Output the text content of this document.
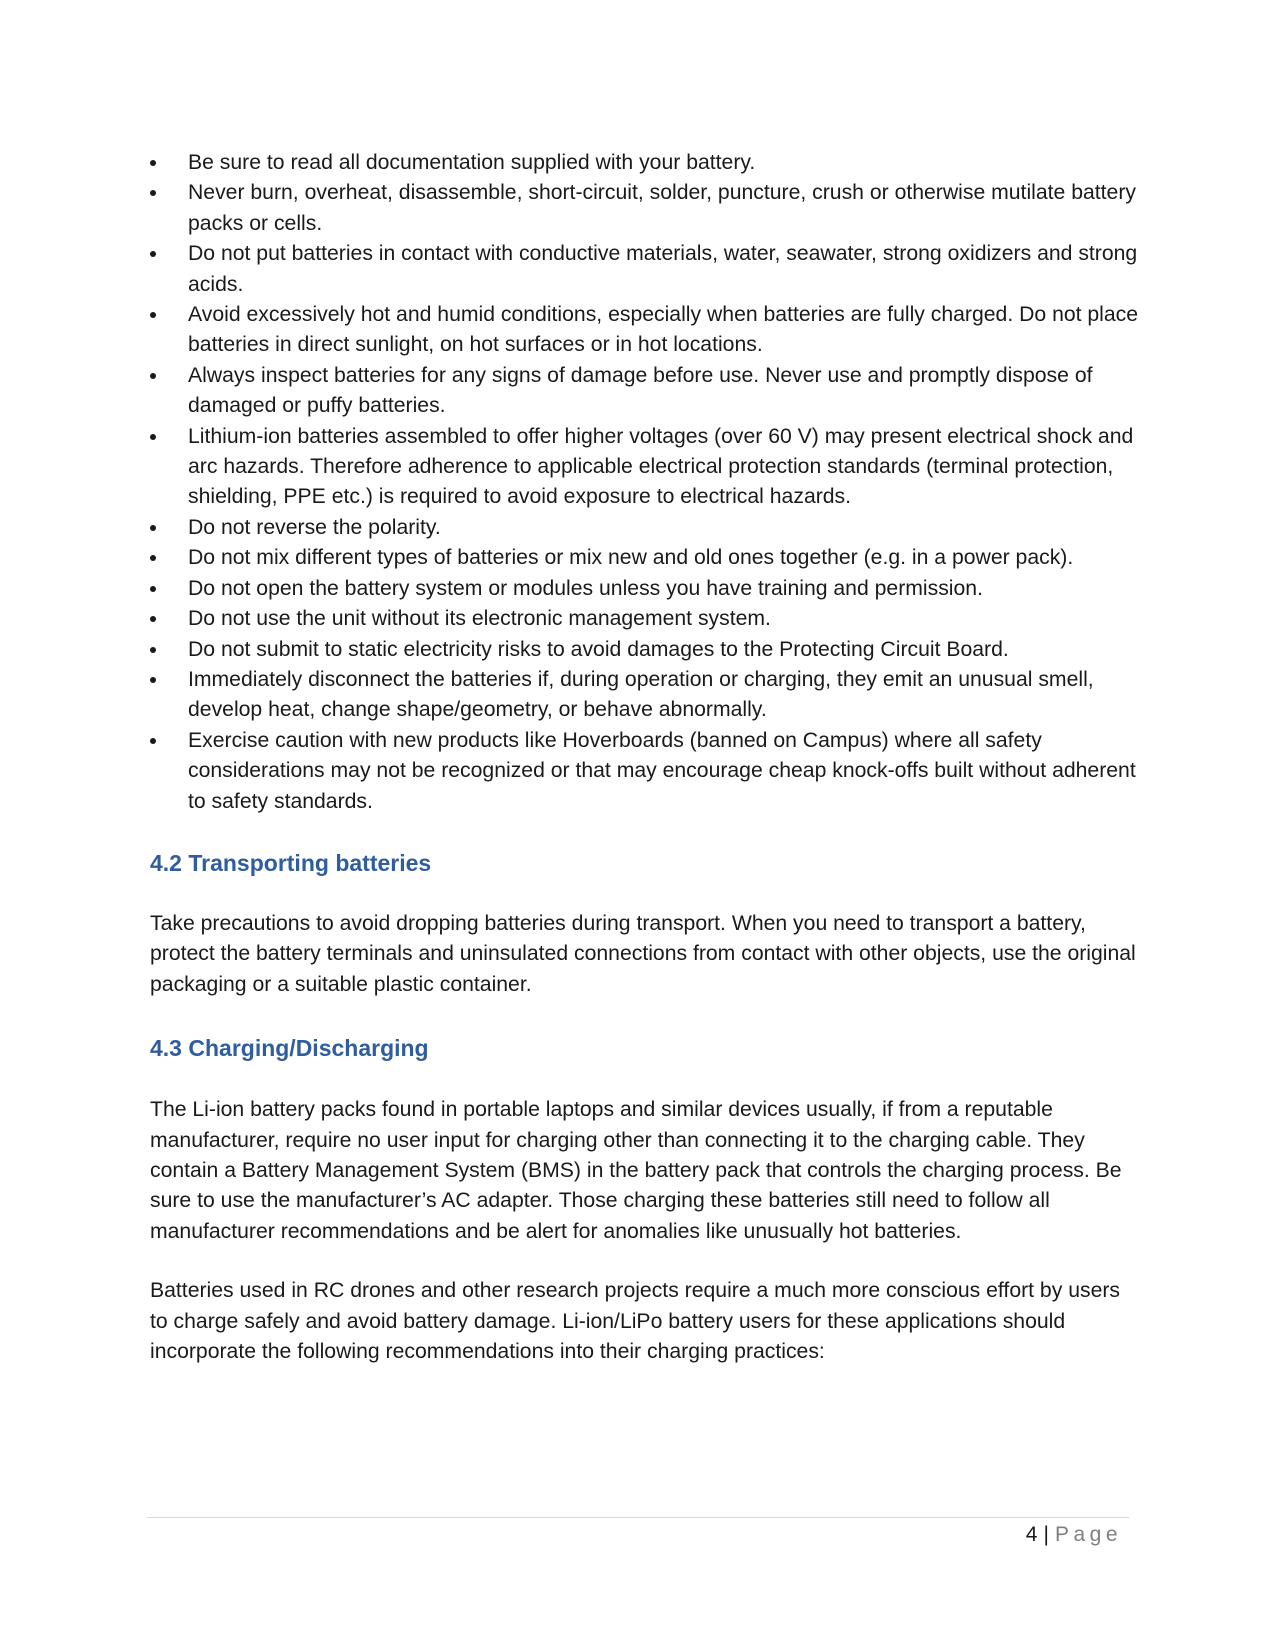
Be sure to read all documentation supplied with your battery.
Never burn, overheat, disassemble, short-circuit, solder, puncture, crush or otherwise mutilate battery packs or cells.
Do not put batteries in contact with conductive materials, water, seawater, strong oxidizers and strong acids.
Avoid excessively hot and humid conditions, especially when batteries are fully charged. Do not place batteries in direct sunlight, on hot surfaces or in hot locations.
Always inspect batteries for any signs of damage before use. Never use and promptly dispose of damaged or puffy batteries.
Lithium-ion batteries assembled to offer higher voltages (over 60 V) may present electrical shock and arc hazards. Therefore adherence to applicable electrical protection standards (terminal protection, shielding, PPE etc.) is required to avoid exposure to electrical hazards.
Do not reverse the polarity.
Do not mix different types of batteries or mix new and old ones together (e.g. in a power pack).
Do not open the battery system or modules unless you have training and permission.
Do not use the unit without its electronic management system.
Do not submit to static electricity risks to avoid damages to the Protecting Circuit Board.
Immediately disconnect the batteries if, during operation or charging, they emit an unusual smell, develop heat, change shape/geometry, or behave abnormally.
Exercise caution with new products like Hoverboards (banned on Campus) where all safety considerations may not be recognized or that may encourage cheap knock-offs built without adherent to safety standards.
4.2 Transporting batteries

Take precautions to avoid dropping batteries during transport. When you need to transport a battery, protect the battery terminals and uninsulated connections from contact with other objects, use the original packaging or a suitable plastic container.

4.3 Charging/Discharging

The Li-ion battery packs found in portable laptops and similar devices usually, if from a reputable manufacturer, require no user input for charging other than connecting it to the charging cable. They contain a Battery Management System (BMS) in the battery pack that controls the charging process. Be sure to use the manufacturer’s AC adapter. Those charging these batteries still need to follow all manufacturer recommendations and be alert for anomalies like unusually hot batteries.

Batteries used in RC drones and other research projects require a much more conscious effort by users to charge safely and avoid battery damage. Li-ion/LiPo battery users for these applications should incorporate the following recommendations into their charging practices:

4 | Page
